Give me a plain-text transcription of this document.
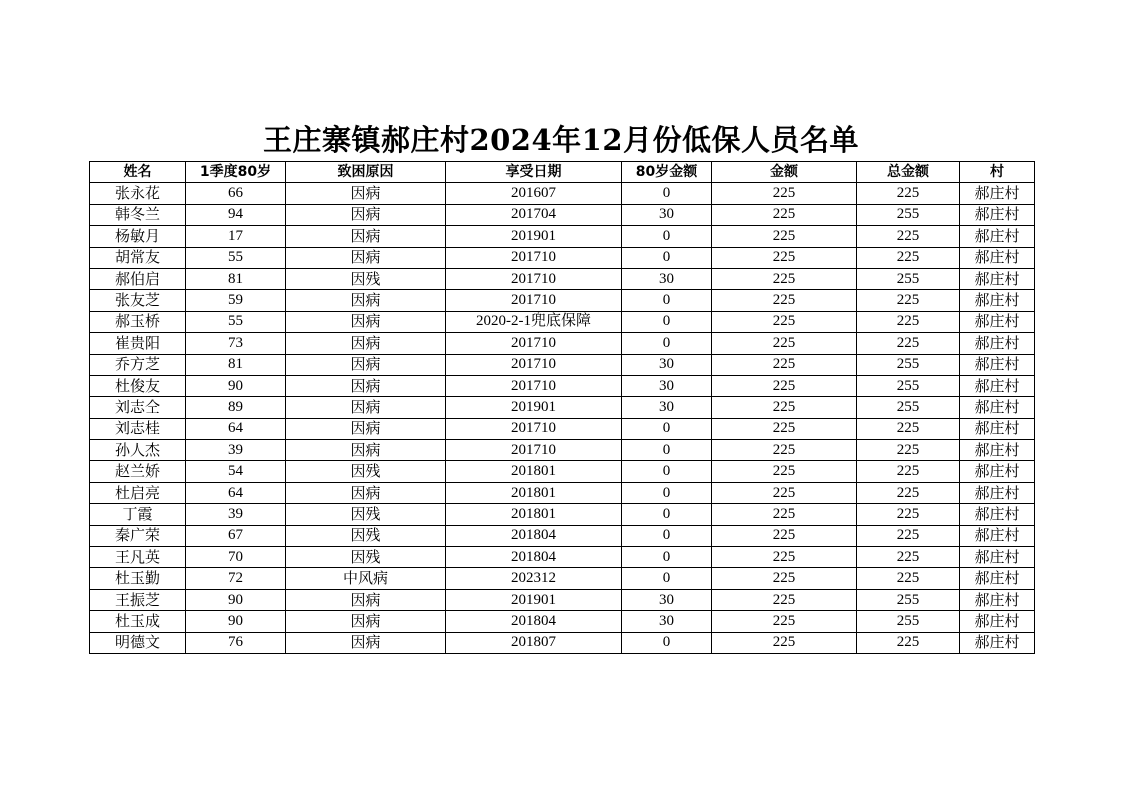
王庄寨镇郝庄村2024年12月份低保人员名单
姓名	1季度80岁	致困原因	享受日期	80岁金额	金额	总金额	村
张永花	66	因病	201607	0	225	225	郝庄村
韩冬兰	94	因病	201704	30	225	255	郝庄村
杨敏月	17	因病	201901	0	225	225	郝庄村
胡常友	55	因病	201710	0	225	225	郝庄村
郝伯启	81	因残	201710	30	225	255	郝庄村
张友芝	59	因病	201710	0	225	225	郝庄村
郝玉桥	55	因病	2020-2-1兜底保障	0	225	225	郝庄村
崔贵阳	73	因病	201710	0	225	225	郝庄村
乔方芝	81	因病	201710	30	225	255	郝庄村
杜俊友	90	因病	201710	30	225	255	郝庄村
刘志仝	89	因病	201901	30	225	255	郝庄村
刘志桂	64	因病	201710	0	225	225	郝庄村
孙人杰	39	因病	201710	0	225	225	郝庄村
赵兰娇	54	因残	201801	0	225	225	郝庄村
杜启亮	64	因病	201801	0	225	225	郝庄村
丁霞	39	因残	201801	0	225	225	郝庄村
秦广荣	67	因残	201804	0	225	225	郝庄村
王凡英	70	因残	201804	0	225	225	郝庄村
杜玉勤	72	中风病	202312	0	225	225	郝庄村
王振芝	90	因病	201901	30	225	255	郝庄村
杜玉成	90	因病	201804	30	225	255	郝庄村
明德文	76	因病	201807	0	225	225	郝庄村
